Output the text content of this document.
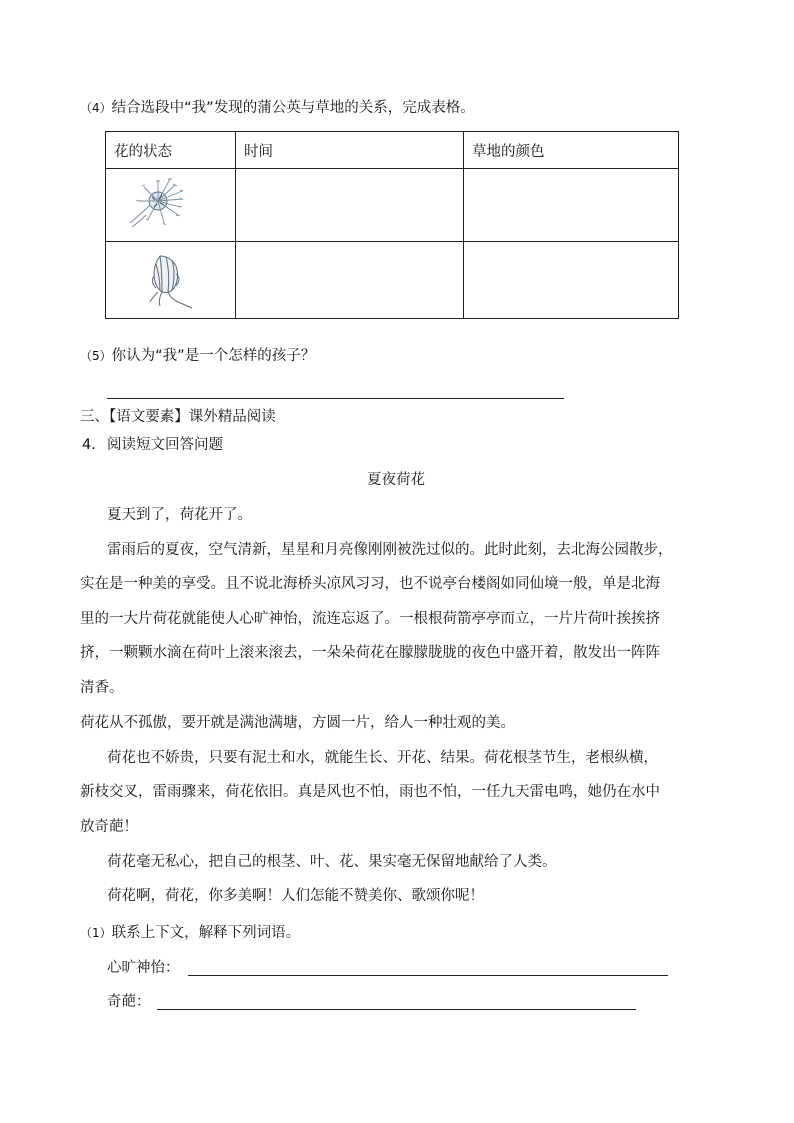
（4）结合选段中“我”发现的蒲公英与草地的关系，完成表格。
花的状态	时间	草地的颜色

（5）你认为“我”是一个怎样的孩子？
三、【语文要素】课外精品阅读
4. 阅读短文回答问题
夏夜荷花
夏天到了，荷花开了。
雷雨后的夏夜，空气清新，星星和月亮像刚刚被洗过似的。此时此刻，去北海公园散步，
实在是一种美的享受。且不说北海桥头凉风习习，也不说亭台楼阁如同仙境一般，单是北海
里的一大片荷花就能使人心旷神怡，流连忘返了。一根根荷箭亭亭而立，一片片荷叶挨挨挤
挤，一颗颗水滴在荷叶上滚来滚去，一朵朵荷花在朦朦胧胧的夜色中盛开着，散发出一阵阵
清香。
荷花从不孤傲，要开就是满池满塘，方圆一片，给人一种壮观的美。
荷花也不娇贵，只要有泥土和水，就能生长、开花、结果。荷花根茎节生，老根纵横，
新枝交叉，雷雨骤来，荷花依旧。真是风也不怕，雨也不怕，一任九天雷电鸣，她仍在水中
放奇葩！
荷花毫无私心，把自己的根茎、叶、花、果实毫无保留地献给了人类。
荷花啊，荷花，你多美啊！人们怎能不赞美你、歌颂你呢！
（1）联系上下文，解释下列词语。
心旷神怡：
奇葩：
